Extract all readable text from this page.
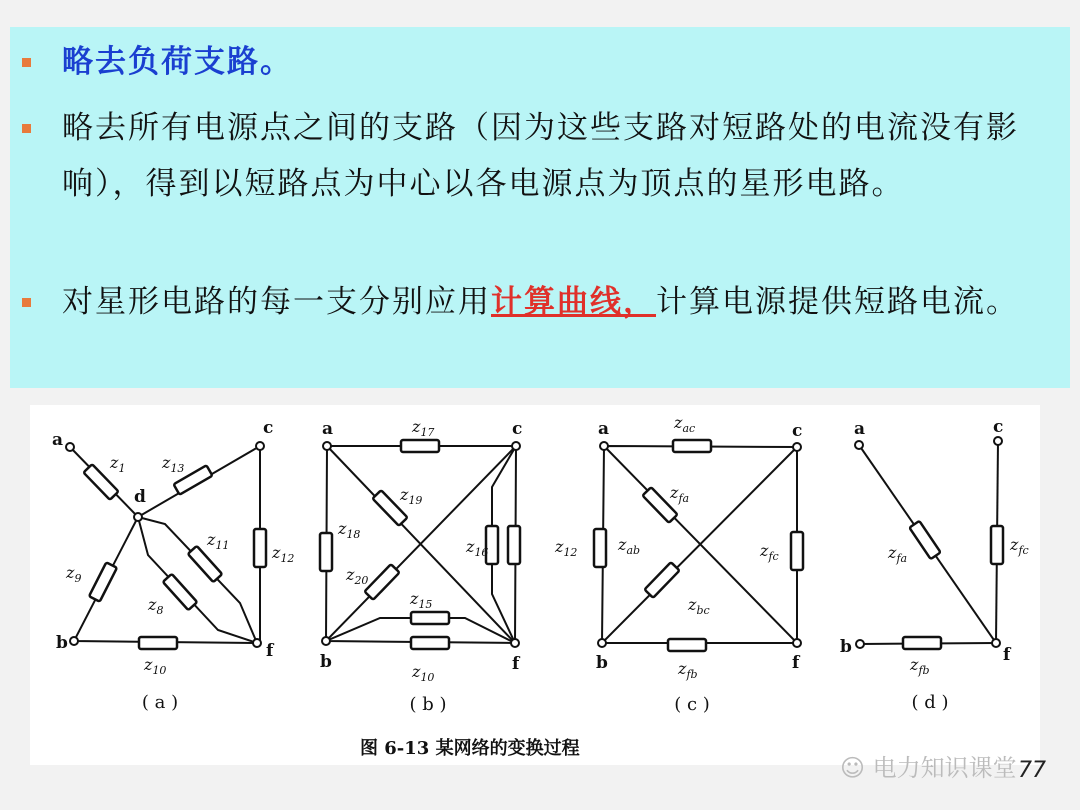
略去负荷支路。
略去所有电源点之间的支路（因为这些支路对短路处的电流没有影响），得到以短路点为中心以各电源点为顶点的星形电路。
对星形电路的每一支分别应用计算曲线，计算电源提供短路电流。
a
c
d
b	f
$z_1$ $z_{13}$
$z_{12}$
$z_{11}$
$z_9$
$z_8$
$z_{10}$
( a )
a	c
b	f
$z_{17}$
$z_{19}$
$z_{18}$
$z_{16}$
$z_{20}$
$z_{15}$
$z_{10}$
$z_{12}$
( b )
a	c
b	f
$z_{ac}$
$z_{fa}$
$z_{ab}$	$z_{fc}$
$z_{bc}$
$z_{fb}$
( c )
a	c
b	f
$z_{fa}$
$z_{fc}$
$z_{fb}$
( d )
图 6-13 某网络的变换过程
☺ 电力知识课堂 77
